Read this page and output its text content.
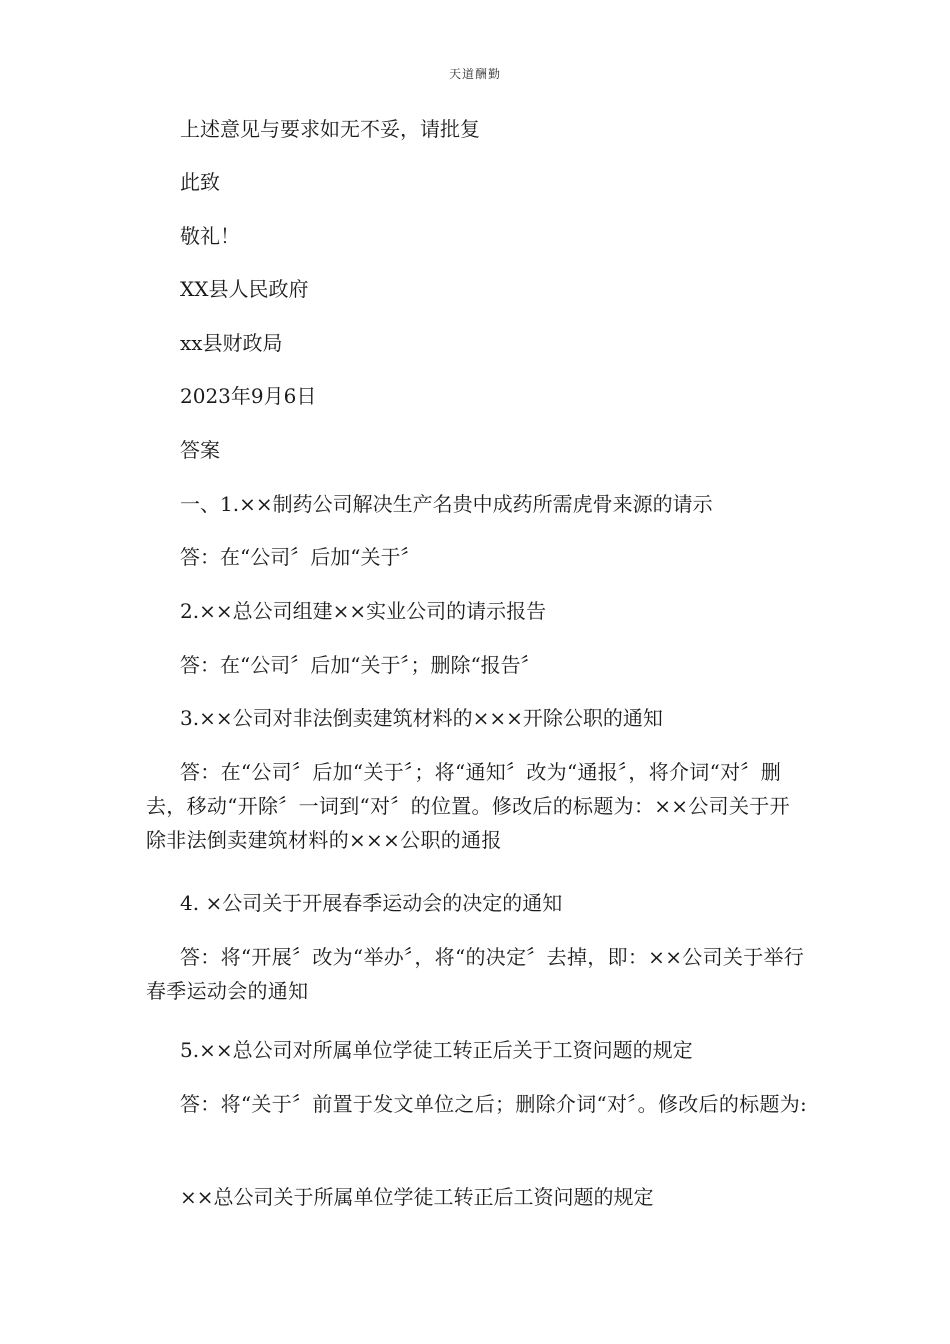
天道酬勤
上述意见与要求如无不妥，请批复
此致
敬礼！
XX县人民政府
xx县财政局
2023年9月6日
答案
一、1.××制药公司解决生产名贵中成药所需虎骨来源的请示
答：在“公司〞后加“关于〞
2.××总公司组建××实业公司的请示报告
答：在“公司〞后加“关于〞；删除“报告〞
3.××公司对非法倒卖建筑材料的×××开除公职的通知
答：在“公司〞后加“关于〞；将“通知〞改为“通报〞，将介词“对〞删去，移动“开除〞一词到“对〞的位置。修改后的标题为：××公司关于开除非法倒卖建筑材料的×××公职的通报
4. ×公司关于开展春季运动会的决定的通知
答：将“开展〞改为“举办〞，将“的决定〞去掉，即：××公司关于举行春季运动会的通知
5.××总公司对所属单位学徒工转正后关于工资问题的规定
答：将“关于〞前置于发文单位之后；删除介词“对〞。修改后的标题为:
××总公司关于所属单位学徒工转正后工资问题的规定
